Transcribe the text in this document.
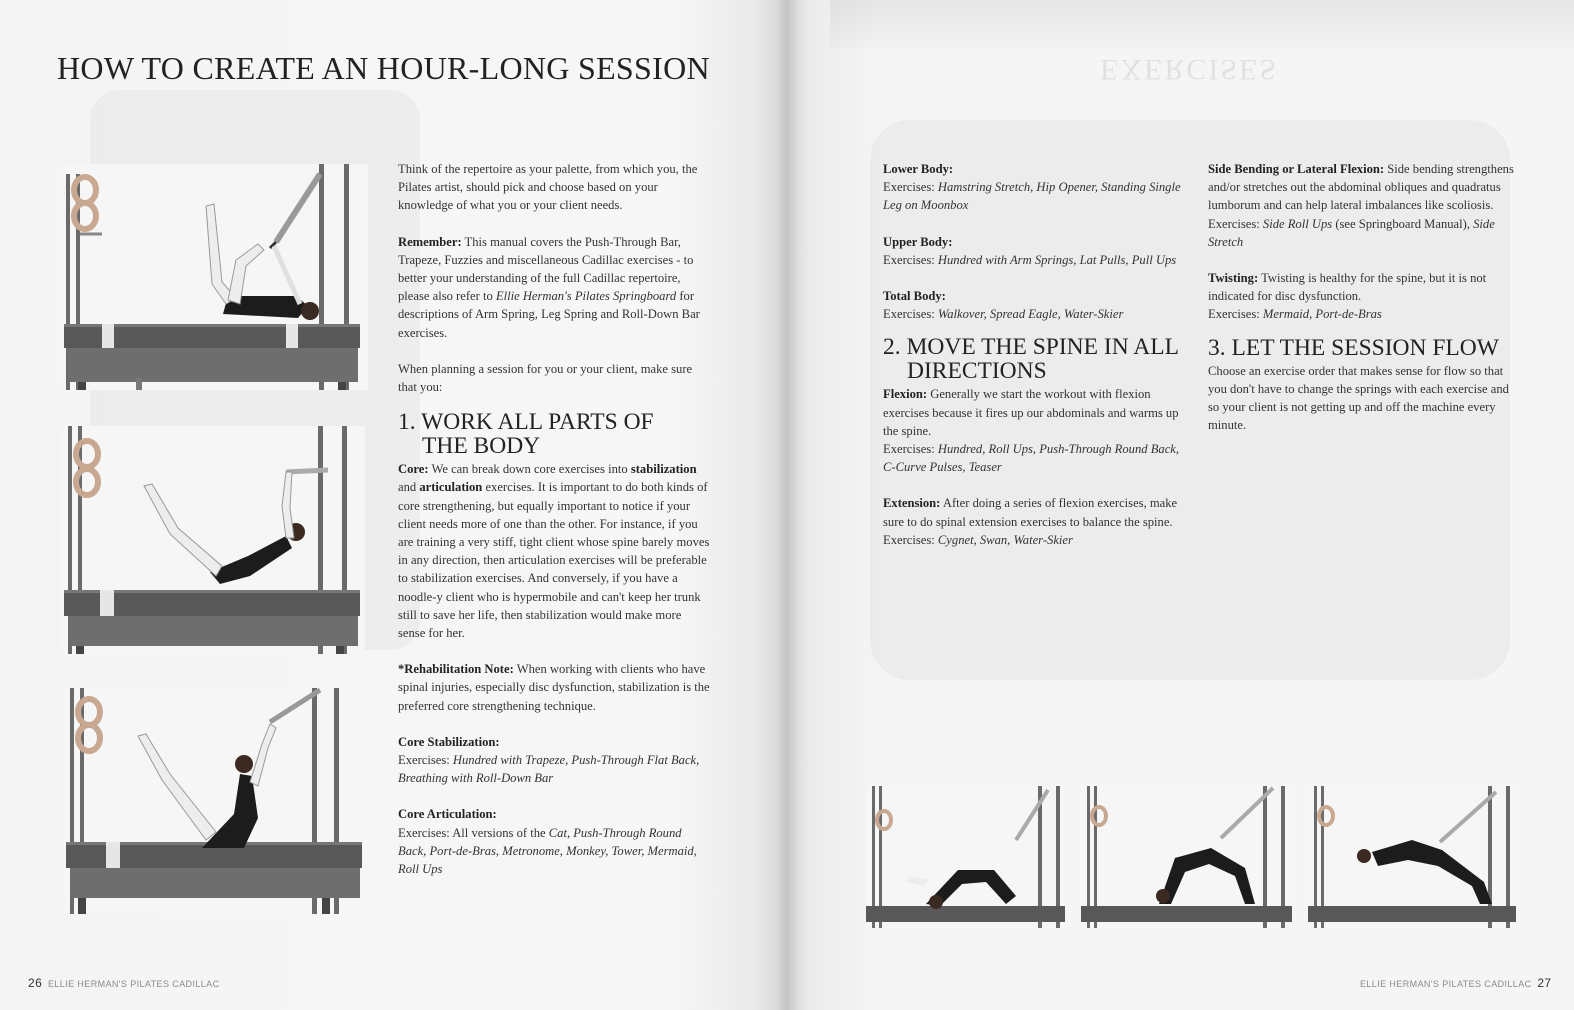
HOW TO CREATE AN HOUR-LONG SESSION

Think of the repertoire as your palette, from which you, the Pilates artist, should pick and choose based on your knowledge of what you or your client needs.

Remember: This manual covers the Push-Through Bar, Trapeze, Fuzzies and miscellaneous Cadillac exercises - to better your understanding of the full Cadillac repertoire, please also refer to Ellie Herman's Pilates Springboard for descriptions of Arm Spring, Leg Spring and Roll-Down Bar exercises.

When planning a session for you or your client, make sure that you:

1. WORK ALL PARTS OF
THE BODY

Core: We can break down core exercises into stabilization and articulation exercises. It is important to do both kinds of core strengthening, but equally important to notice if your client needs more of one than the other. For instance, if you are training a very stiff, tight client whose spine barely moves in any direction, then articulation exercises will be preferable to stabilization exercises. And conversely, if you have a noodle-y client who is hypermobile and can't keep her trunk still to save her life, then stabilization would make more sense for her.

*Rehabilitation Note: When working with clients who have spinal injuries, especially disc dysfunction, stabilization is the preferred core strengthening technique.

Core Stabilization:

Exercises: Hundred with Trapeze, Push-Through Flat Back, Breathing with Roll-Down Bar

Core Articulation:

Exercises: All versions of the Cat, Push-Through Round Back, Port-de-Bras, Metronome, Monkey, Tower, Mermaid, Roll Ups

26 ELLIE HERMAN'S PILATES CADILLAC
EXERCISES
Lower Body:

Exercises: Hamstring Stretch, Hip Opener, Standing Single Leg on Moonbox

Upper Body:

Exercises: Hundred with Arm Springs, Lat Pulls, Pull Ups

Total Body:

Exercises: Walkover, Spread Eagle, Water-Skier

2. MOVE THE SPINE IN ALL
DIRECTIONS

Flexion: Generally we start the workout with flexion exercises because it fires up our abdominals and warms up the spine.
Exercises: Hundred, Roll Ups, Push-Through Round Back, C-Curve Pulses, Teaser

Extension: After doing a series of flexion exercises, make sure to do spinal extension exercises to balance the spine.
Exercises: Cygnet, Swan, Water-Skier

Side Bending or Lateral Flexion: Side bending strengthens and/or stretches out the abdominal obliques and quadratus lumborum and can help lateral imbalances like scoliosis.
Exercises: Side Roll Ups (see Springboard Manual), Side Stretch

Twisting: Twisting is healthy for the spine, but it is not indicated for disc dysfunction.
Exercises: Mermaid, Port-de-Bras

3. LET THE SESSION FLOW

Choose an exercise order that makes sense for flow so that you don't have to change the springs with each exercise and so your client is not getting up and off the machine every minute.

ELLIE HERMAN'S PILATES CADILLAC 27
